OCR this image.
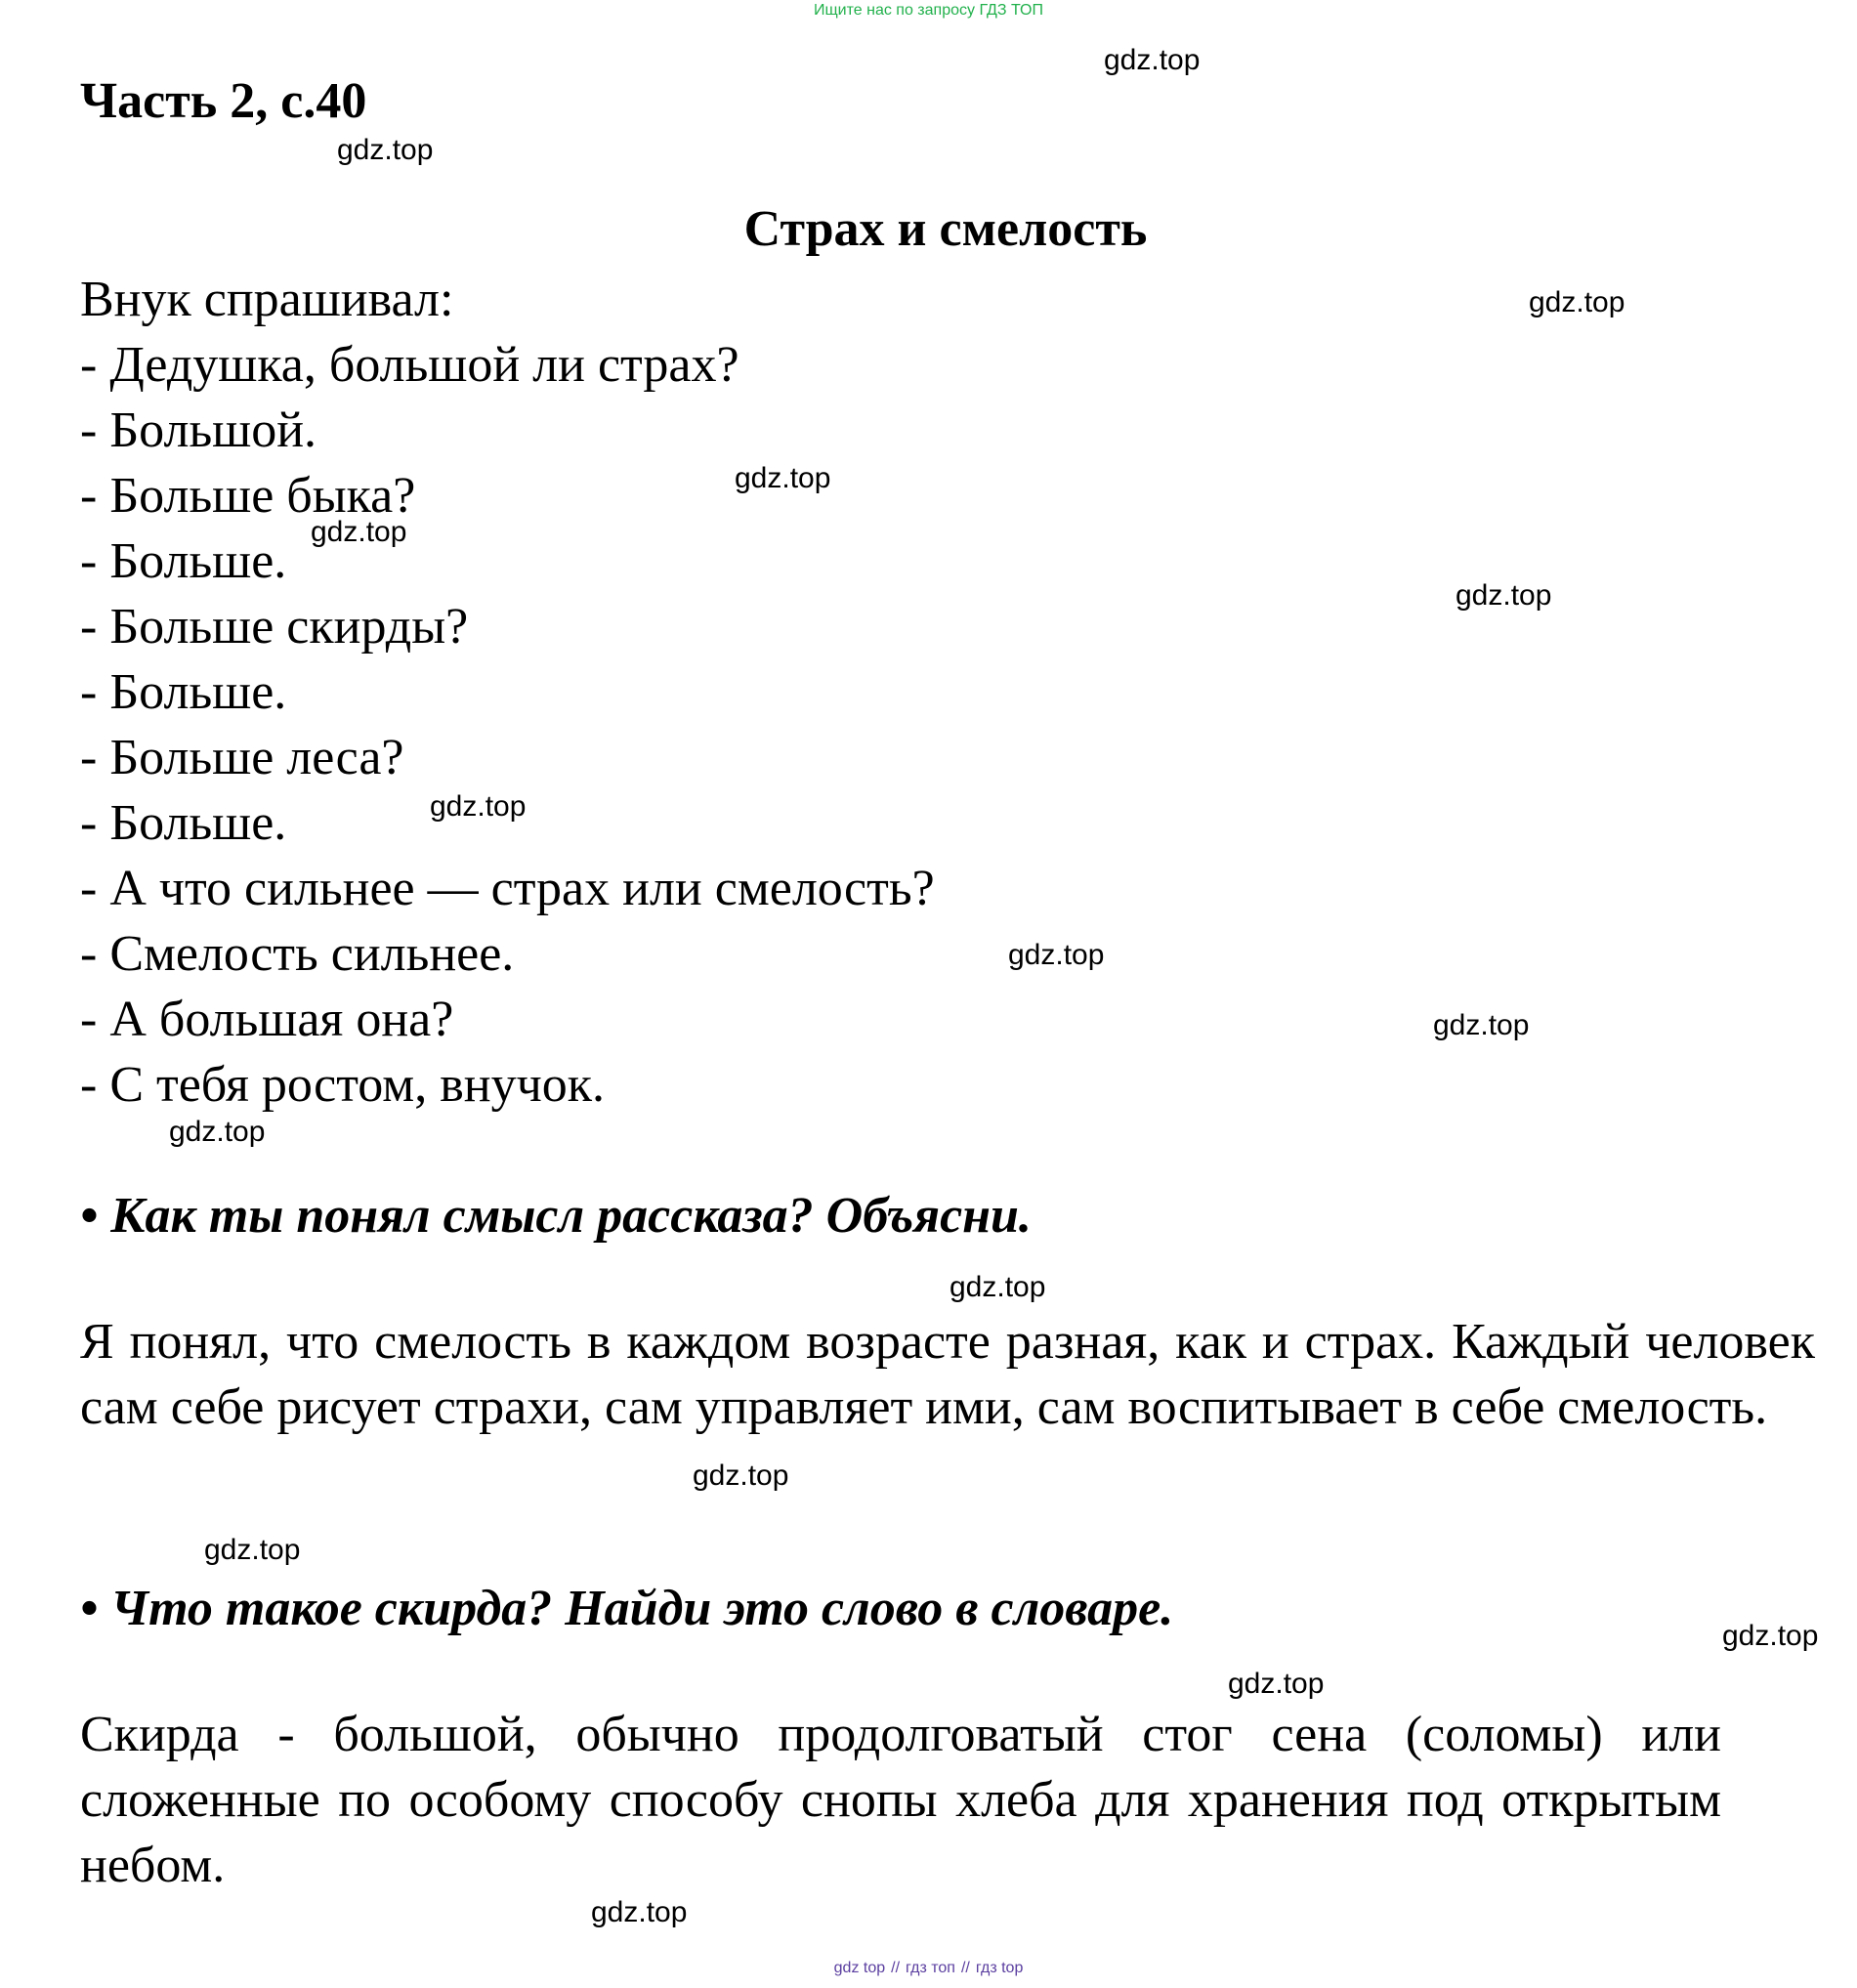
Ищите нас по запросу ГДЗ ТОП
Часть 2, с.40
Страх и смелость
Внук спрашивал:
- Дедушка, большой ли страх?
- Большой.
- Больше быка?
- Больше.
- Больше скирды?
- Больше.
- Больше леса?
- Больше.
- А что сильнее — страх или смелость?
- Смелость сильнее.
- А большая она?
- С тебя ростом, внучок.
• Как ты понял смысл рассказа? Объясни.
Я понял, что смелость в каждом возрасте разная, как и страх. Каждый человек сам себе рисует страхи, сам управляет ими, сам воспитывает в себе смелость.
• Что такое скирда? Найди это слово в словаре.
Скирда - большой, обычно продолговатый стог сена (соломы) или сложенные по особому способу снопы хлеба для хранения под открытым небом.
gdz.top
gdz.top
gdz.top
gdz.top
gdz.top
gdz.top
gdz.top
gdz.top
gdz.top
gdz.top
gdz.top
gdz.top
gdz.top
gdz.top
gdz.top
gdz.top
gdz top // гдз топ // гдз top
